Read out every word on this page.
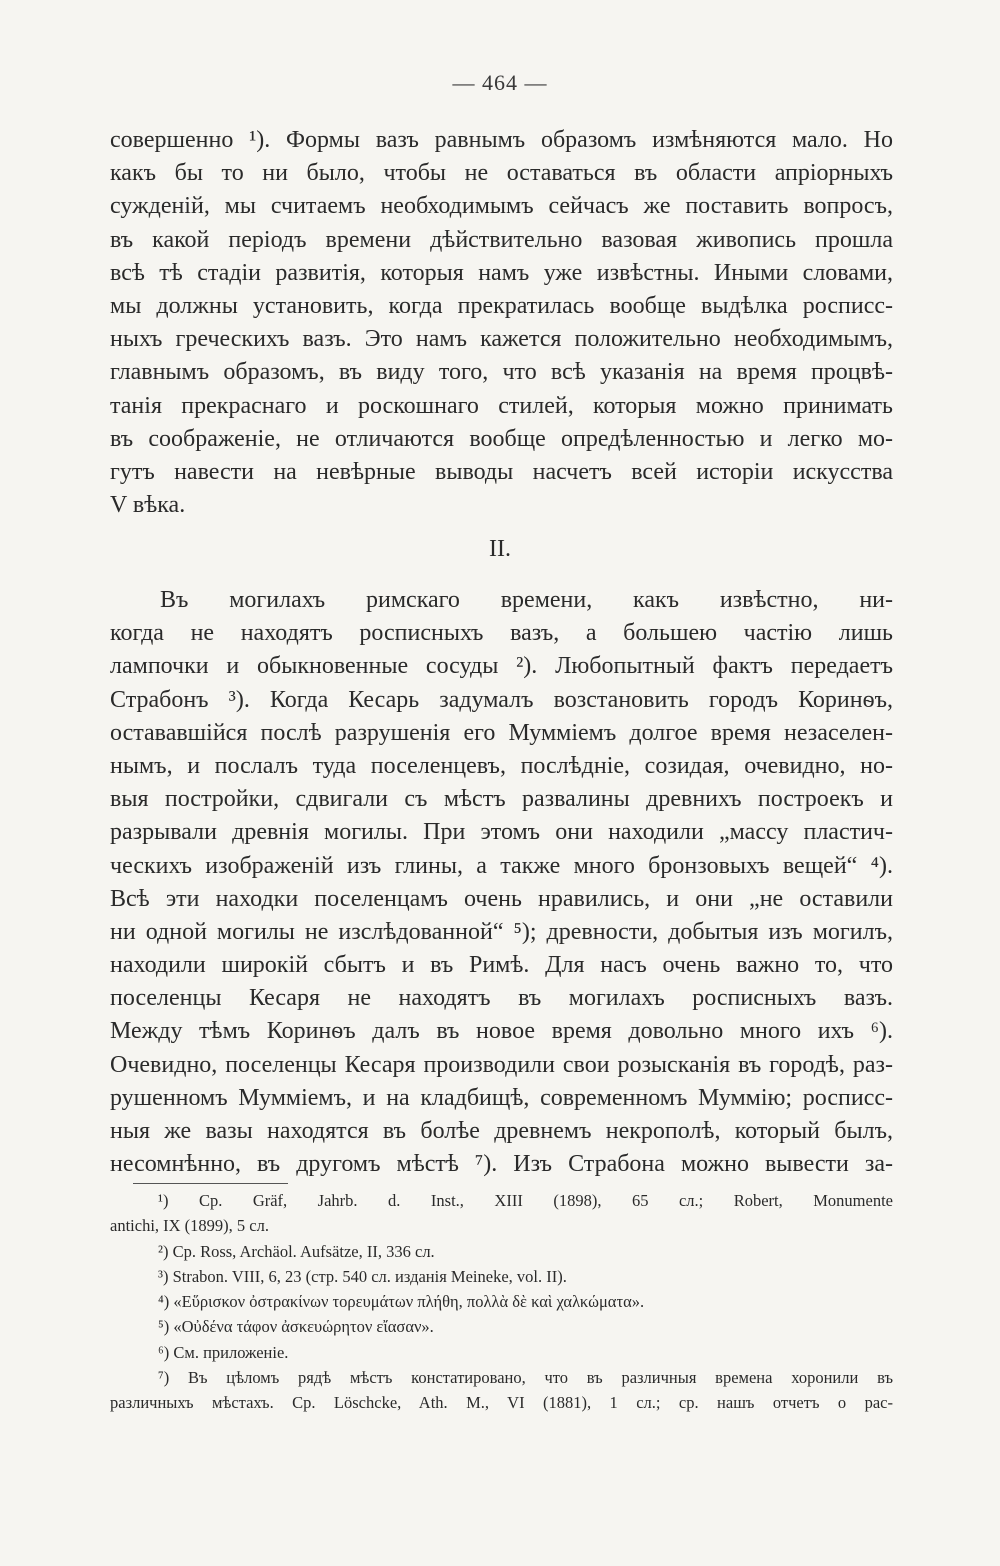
— 464 —
совершенно ¹). Формы вазъ равнымъ образомъ измѣняются мало. Но
какъ бы то ни было, чтобы не оставаться въ области апріорныхъ
сужденій, мы считаемъ необходимымъ сейчасъ же поставить вопросъ,
въ какой періодъ времени дѣйствительно вазовая живопись прошла
всѣ тѣ стадіи развитія, которыя намъ уже извѣстны. Иными словами,
мы должны установить, когда прекратилась вообще выдѣлка росписс-
ныхъ греческихъ вазъ. Это намъ кажется положительно необходимымъ,
главнымъ образомъ, въ виду того, что всѣ указанія на время процвѣ-
танія прекраснаго и роскошнаго стилей, которыя можно принимать
въ соображеніе, не отличаются вообще опредѣленностью и легко мо-
гутъ навести на невѣрные выводы насчетъ всей исторіи искусства
V вѣка.
II.
Въ могилахъ римскаго времени, какъ извѣстно, ни-
когда не находятъ росписныхъ вазъ, а большею частію лишь
лампочки и обыкновенные сосуды ²). Любопытный фактъ передаетъ
Страбонъ ³). Когда Кесарь задумалъ возстановить городъ Коринѳъ,
остававшійся послѣ разрушенія его Мумміемъ долгое время незаселен-
нымъ, и послалъ туда поселенцевъ, послѣдніе, созидая, очевидно, но-
выя постройки, сдвигали съ мѣстъ развалины древнихъ построекъ и
разрывали древнія могилы. При этомъ они находили „массу пластич-
ческихъ изображеній изъ глины, а также много бронзовыхъ вещей“ ⁴).
Всѣ эти находки поселенцамъ очень нравились, и они „не оставили
ни одной могилы не изслѣдованной“ ⁵); древности, добытыя изъ могилъ,
находили широкій сбытъ и въ Римѣ. Для насъ очень важно то, что
поселенцы Кесаря не находятъ въ могилахъ росписныхъ вазъ.
Между тѣмъ Коринѳъ далъ въ новое время довольно много ихъ ⁶).
Очевидно, поселенцы Кесаря производили свои розысканія въ городѣ, раз-
рушенномъ Мумміемъ, и на кладбищѣ, современномъ Муммію; росписс-
ныя же вазы находятся въ болѣе древнемъ некрополѣ, который былъ,
несомнѣнно, въ другомъ мѣстѣ ⁷). Изъ Страбона можно вывести за-
¹) Ср. Gräf, Jahrb. d. Inst., XIII (1898), 65 сл.; Robert, Monumente
antichi, IX (1899), 5 сл.
²) Ср. Ross, Archäol. Aufsätze, II, 336 сл.
³) Strabon. VIII, 6, 23 (стр. 540 сл. изданія Meineke, vol. II).
⁴) «Εὕρισκον ὀστρακίνων τορευμάτων πλήθη, πολλὰ δὲ καὶ χαλκώματα».
⁵) «Οὐδένα τάφον ἀσκευώρητον εἴασαν».
⁶) См. приложеніе.
⁷) Въ цѣломъ рядѣ мѣстъ констатировано, что въ различныя времена хоронили въ
различныхъ мѣстахъ. Ср. Löschcke, Ath. M., VI (1881), 1 сл.; ср. нашъ отчетъ о рас-
